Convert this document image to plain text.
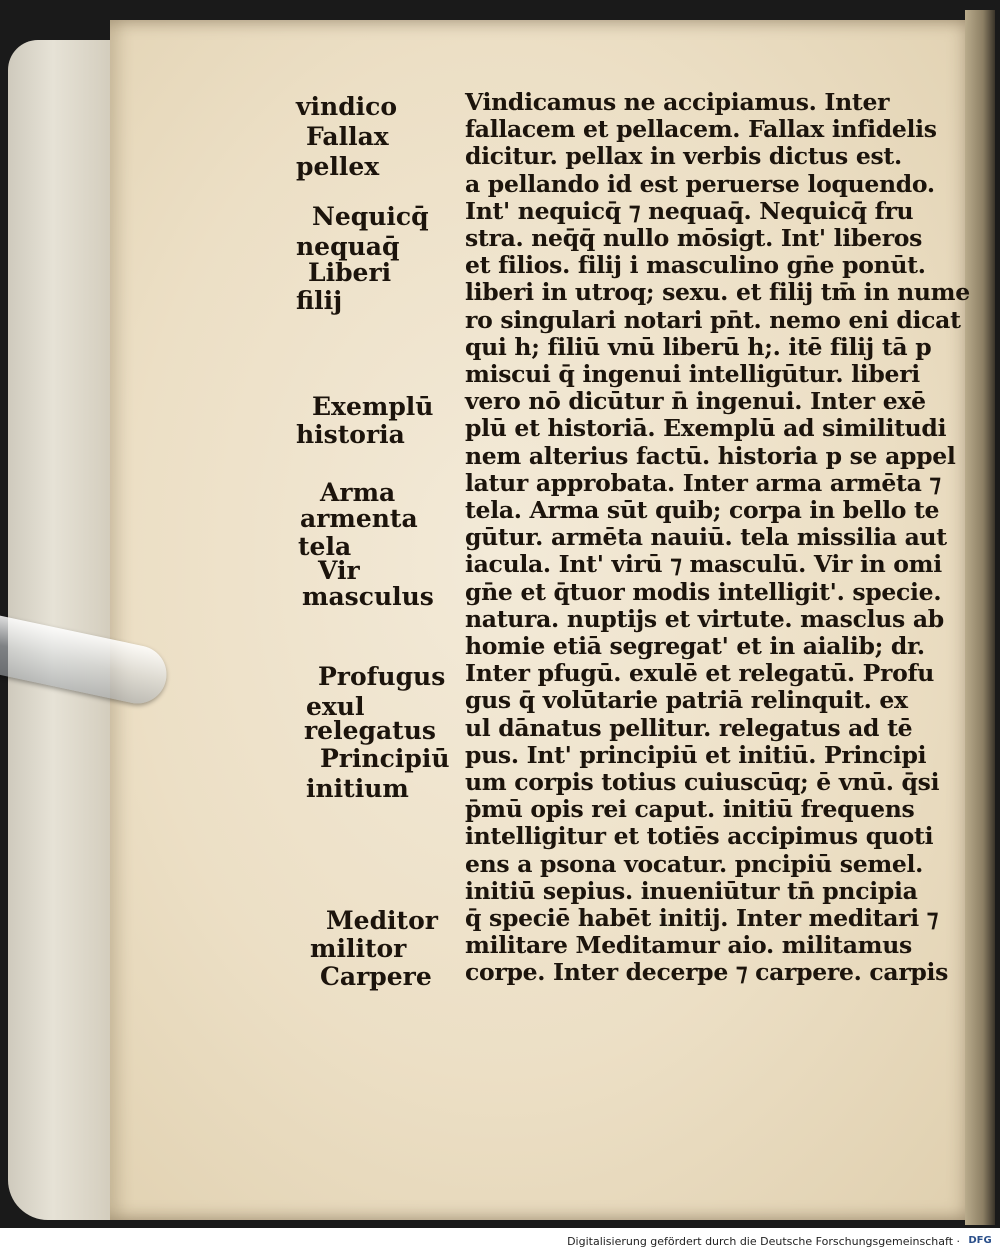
vindico
Fallax
pellex
Nequicq̄
nequaq̄
Liberi
filij
Exemplū
historia
Arma
armenta
tela
Vir
masculus
Profugus
exul
relegatus
Principiū
initium
Meditor
militor
Carpere
Vindicamus ne accipiamus. Inter
fallacem et pellacem. Fallax infidelis
dicitur. pellax in verbis dictus est.
a pellando id est peruerse loquendo.
Int' nequicq̄ ⁊ nequaq̄. Nequicq̄ fru
stra. neq̄q̄ nullo mōsigt. Int' liberos
et filios. filij i masculino gn̄e ponūt.
liberi in utroq; sexu. et filij tm̄ in nume
ro singulari notari pn̄t. nemo eni dicat
qui h; filiū vnū liberū h;. itē filij tā p
miscui q̄ ingenui intelligūtur. liberi
vero nō dicūtur n̄ ingenui. Inter exē
plū et historiā. Exemplū ad similitudi
nem alterius factū. historia p se appel
latur approbata. Inter arma armēta ⁊
tela. Arma sūt quib; corpa in bello te
gūtur. armēta nauiū. tela missilia aut
iacula. Int' virū ⁊ masculū. Vir in omi
gn̄e et q̄tuor modis intelligit'. specie.
natura. nuptijs et virtute. masclus ab
homie etiā segregat' et in aialib; dr.
Inter pfugū. exulē et relegatū. Profu
gus q̄ volūtarie patriā relinquit. ex
ul dānatus pellitur. relegatus ad tē
pus. Int' principiū et initiū. Principi
um corpis totius cuiuscūq; ē vnū. q̄si
p̄mū opis rei caput. initiū frequens
intelligitur et totiēs accipimus quoti
ens a psona vocatur. pncipiū semel.
initiū sepius. inueniūtur tn̄ pncipia
q̄ speciē habēt initij. Inter meditari ⁊
militare Meditamur aio. militamus
corpe. Inter decerpe ⁊ carpere. carpis
Digitalisierung gefördert durch die Deutsche Forschungsgemeinschaft · DFG
